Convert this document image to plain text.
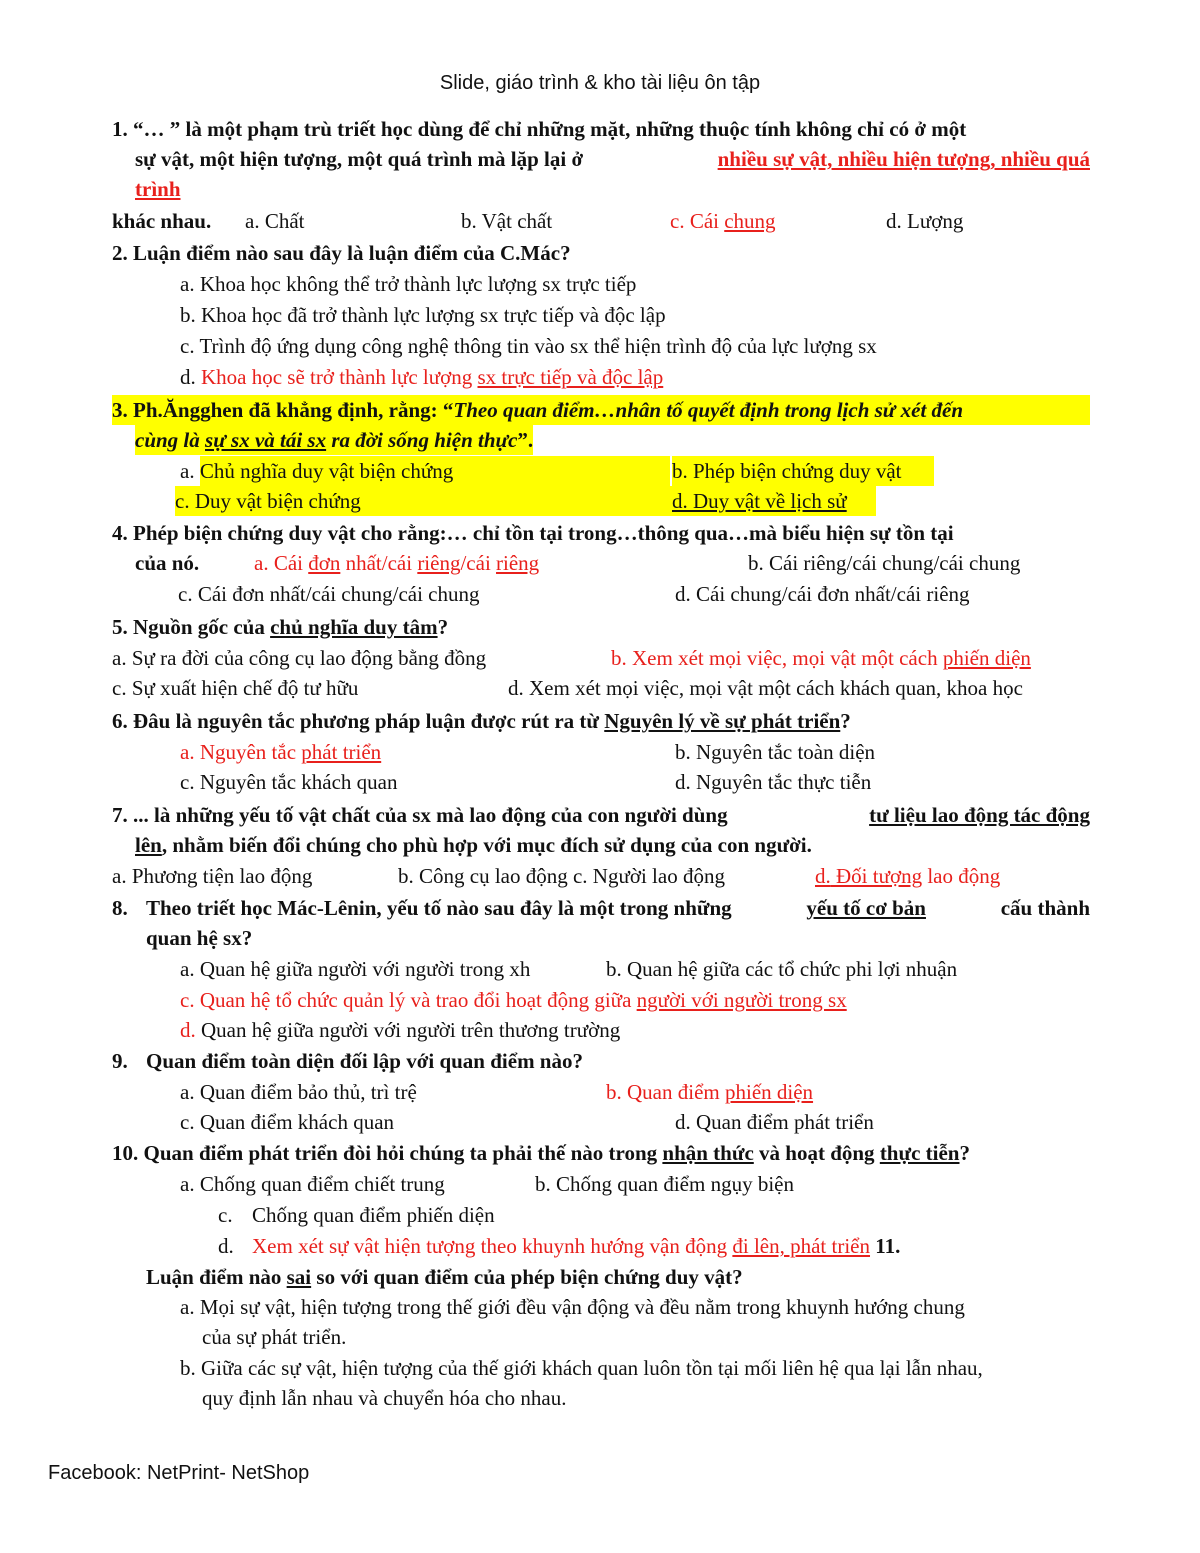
Slide, giáo trình & kho tài liệu ôn tập
1. “… ” là một phạm trù triết học dùng để chỉ những mặt, những thuộc tính không chỉ có ở một
sự vật, một hiện tượng, một quá trình mà lặp lại ở	nhiều sự vật, nhiều hiện tượng, nhiều quá
trình
khác nhau. a. Chất	b. Vật chất	c. Cái chung	d. Lượng
2. Luận điểm nào sau đây là luận điểm của C.Mác?
a. Khoa học không thể trở thành lực lượng sx trực tiếp
b. Khoa học đã trở thành lực lượng sx trực tiếp và độc lập
c. Trình độ ứng dụng công nghệ thông tin vào sx thể hiện trình độ của lực lượng sx
d. Khoa học sẽ trở thành lực lượng sx trực tiếp và độc lập
3. Ph.Ăngghen đã khẳng định, rằng: “ Theo quan điểm…nhân tố quyết định trong lịch sử xét đến
cùng là sự sx và tái sx ra đời sống hiện thực”.
a. Chủ nghĩa duy vật biện chứng	b. Phép biện chứng duy vật
c. Duy vật biện chứng	d. Duy vật về lịch sử
4. Phép biện chứng duy vật cho rằng:… chỉ tồn tại trong…thông qua…mà biểu hiện sự tồn tại
của nó.	a. Cái đơn nhất/cái riêng/cái riêng	b. Cái riêng/cái chung/cái chung
c. Cái đơn nhất/cái chung/cái chung	d. Cái chung/cái đơn nhất/cái riêng
5. Nguồn gốc của chủ nghĩa duy tâm?
a. Sự ra đời của công cụ lao động bằng đồng	b. Xem xét mọi việc, mọi vật một cách phiến diện
c. Sự xuất hiện chế độ tư hữu	d. Xem xét mọi việc, mọi vật một cách khách quan, khoa học
6. Đâu là nguyên tắc phương pháp luận được rút ra từ Nguyên lý về sự phát triển?
a. Nguyên tắc phát triển	b. Nguyên tắc toàn diện
c. Nguyên tắc khách quan	d. Nguyên tắc thực tiễn
7. ... là những yếu tố vật chất của sx mà lao động của con người dùng	tư liệu lao động tác động
lên, nhằm biến đổi chúng cho phù hợp với mục đích sử dụng của con người.
a. Phương tiện lao động	b. Công cụ lao động c. Người lao động	d. Đối tượng lao động
8. Theo triết học Mác-Lênin, yếu tố nào sau đây là một trong những	yếu tố cơ bản	cấu thành
quan hệ sx?
a. Quan hệ giữa người với người trong xh	b. Quan hệ giữa các tổ chức phi lợi nhuận
c. Quan hệ tổ chức quản lý và trao đổi hoạt động giữa người với người trong sx
d. Quan hệ giữa người với người trên thương trường
9. Quan điểm toàn diện đối lập với quan điểm nào?
a. Quan điểm bảo thủ, trì trệ	b. Quan điểm phiến diện
c. Quan điểm khách quan	d. Quan điểm phát triển
10. Quan điểm phát triển đòi hỏi chúng ta phải thế nào trong nhận thức và hoạt động thực tiễn?
a. Chống quan điểm chiết trung	b. Chống quan điểm ngụy biện
c. Chống quan điểm phiến diện
d. Xem xét sự vật hiện tượng theo khuynh hướng vận động đi lên, phát triển 11.
Luận điểm nào sai so với quan điểm của phép biện chứng duy vật?
a. Mọi sự vật, hiện tượng trong thế giới đều vận động và đều nằm trong khuynh hướng chung
của sự phát triển.
b. Giữa các sự vật, hiện tượng của thế giới khách quan luôn tồn tại mối liên hệ qua lại lẫn nhau,
quy định lẫn nhau và chuyển hóa cho nhau.
Facebook: NetPrint- NetShop
